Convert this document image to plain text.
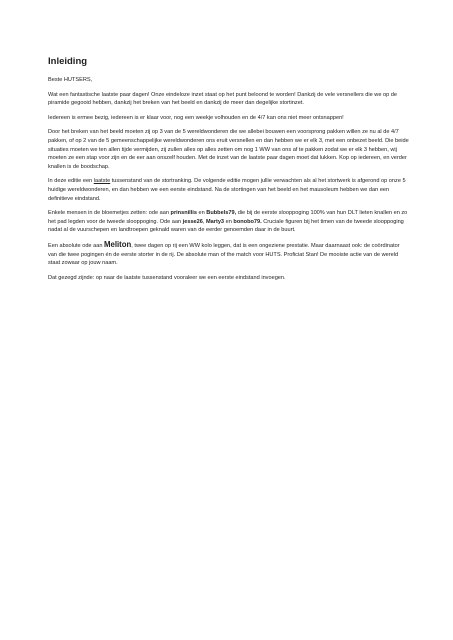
Inleiding

Beste HUTSERS,

Wat een fantastische laatste paar dagen! Onze eindeloze inzet staat op het punt beloond te worden! Dankzij de vele versnellers die we op de piramide gegooid hebben, dankzij het breken van het beeld en dankzij de meer dan degelijke stortinzet.

Iedereen is ermee bezig, iedereen is er klaar voor, nog een weekje volhouden en de 4/7 kan ons niet meer ontsnappen!

Door het breken van het beeld moeten zij op 3 van de 5 wereldwonderen die we allebei bouwen een voorsprong pakken willen ze nu al de 4/7 pakken, of op 2 van de 5 gemeenschappelijke wereldwonderen ons eruit versnellen en dan hebben we er elk 3, met een onbezet beeld. Die beide situaties moeten we ten allen tijde vermijden, zij zullen alles op alles zetten om nog 1 WW van ons af te pakken zodat we er elk 3 hebben, wij moeten ze een stap voor zijn en de eer aan onszelf houden. Met de inzet van de laatste paar dagen moet dat lukken. Kop op iedereen, en verder knallen is de boodschap.

In deze editie een laatste tussenstand van de stortranking. De volgende editie mogen jullie verwachten als al het stortwerk is afgerond op onze 5 huidige wereldwonderen, en dan hebben we een eerste eindstand. Na de stortingen van het beeld en het mausoleum hebben we dan een definitieve eindstand.

Enkele mensen in de bloemetjes zetten: ode aan prinsnillis en Bubbels79, die bij de eerste slooppoging 100% van hun DLT lieten knallen en zo het pad legden voor de tweede slooppoging. Ode aan jesse26, Marty3 en bonobo79. Cruciale figuren bij het timen van de tweede slooppoging nadat al de vuurschepen en landtroepen geknald waren van de eerder genoemden daar in de buurt.

Een absolute ode aan Meliton, twee dagen op rij een WW kolo leggen, dat is een ongeziene prestatie. Maar daarnaast ook: de coördinator van die twee pogingen én de eerste storter in de rij. De absolute man of the match voor HUTS. Proficiat Stan! De mooiste actie van de wereld staat zowaar op jouw naam.

Dat gezegd zijnde: op naar de laatste tussenstand vooraleer we een eerste eindstand invoegen.
